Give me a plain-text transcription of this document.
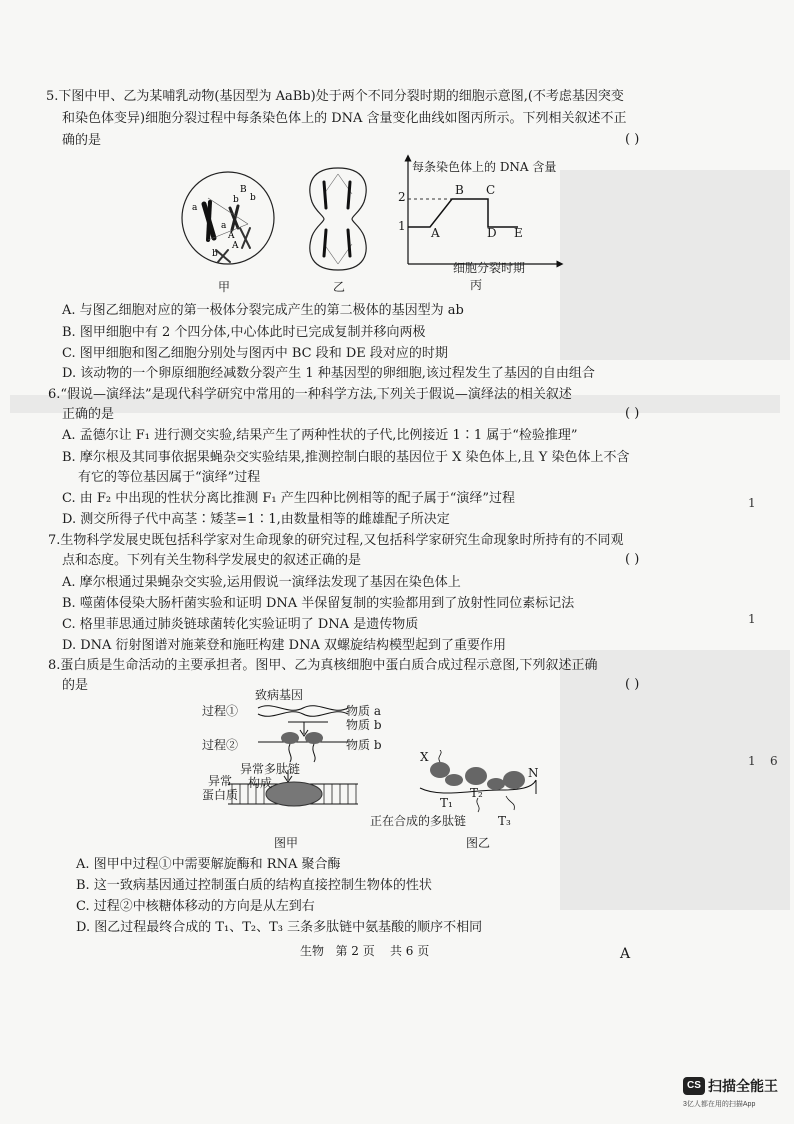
5.下图中甲、乙为某哺乳动物(基因型为 AaBb)处于两个不同分裂时期的细胞示意图,(不考虑基因突变
和染色体变异)细胞分裂过程中每条染色体上的 DNA 含量变化曲线如图丙所示。下列相关叙述不正
确的是	( )
a
a
B
b
b
A
A
b
甲	乙
每条染色体上的 DNA 含量
2
1 A
B C
D E
细胞分裂时期
丙
A. 与图乙细胞对应的第一极体分裂完成产生的第二极体的基因型为 ab
B. 图甲细胞中有 2 个四分体,中心体此时已完成复制并移向两极
C. 图甲细胞和图乙细胞分别处与图丙中 BC 段和 DE 段对应的时期
D. 该动物的一个卵原细胞经减数分裂产生 1 种基因型的卵细胞,该过程发生了基因的自由组合
6.“假说—演绎法”是现代科学研究中常用的一种科学方法,下列关于假说—演绎法的相关叙述
正确的是	( )
A. 孟德尔让 F₁ 进行测交实验,结果产生了两种性状的子代,比例接近 1∶1 属于“检验推理”
B. 摩尔根及其同事依据果蝇杂交实验结果,推测控制白眼的基因位于 X 染色体上,且 Y 染色体上不含
有它的等位基因属于“演绎”过程
C. 由 F₂ 中出现的性状分离比推测 F₁ 产生四种比例相等的配子属于“演绎”过程
D. 测交所得子代中高茎∶矮茎=1∶1,由数量相等的雌雄配子所决定
7.生物科学发展史既包括科学家对生命现象的研究过程,又包括科学家研究生命现象时所持有的不同观
点和态度。下列有关生物科学发展史的叙述正确的是	( )
A. 摩尔根通过果蝇杂交实验,运用假说一演绎法发现了基因在染色体上
B. 噬菌体侵染大肠杆菌实验和证明 DNA 半保留复制的实验都用到了放射性同位素标记法
C. 格里菲思通过肺炎链球菌转化实验证明了 DNA 是遗传物质
D. DNA 衍射图谱对施莱登和施旺构建 DNA 双螺旋结构模型起到了重要作用
8.蛋白质是生命活动的主要承担者。图甲、乙为真核细胞中蛋白质合成过程示意图,下列叙述正确
的是	( )
致病基因
过程①	物质 a
物质 b
过程②	物质 b
异常多肽链
构成
异常
蛋白质
图甲
X
N
T₁
T₂
T₃
正在合成的多肽链
图乙
A. 图甲中过程①中需要解旋酶和 RNA 聚合酶
B. 这一致病基因通过控制蛋白质的结构直接控制生物体的性状
C. 过程②中核糖体移动的方向是从左到右
D. 图乙过程最终合成的 T₁、T₂、T₃ 三条多肽链中氨基酸的顺序不相同
1
1
1 6
生物   第 2 页    共 6 页	A
CS 扫描全能王
3亿人都在用的扫描App
